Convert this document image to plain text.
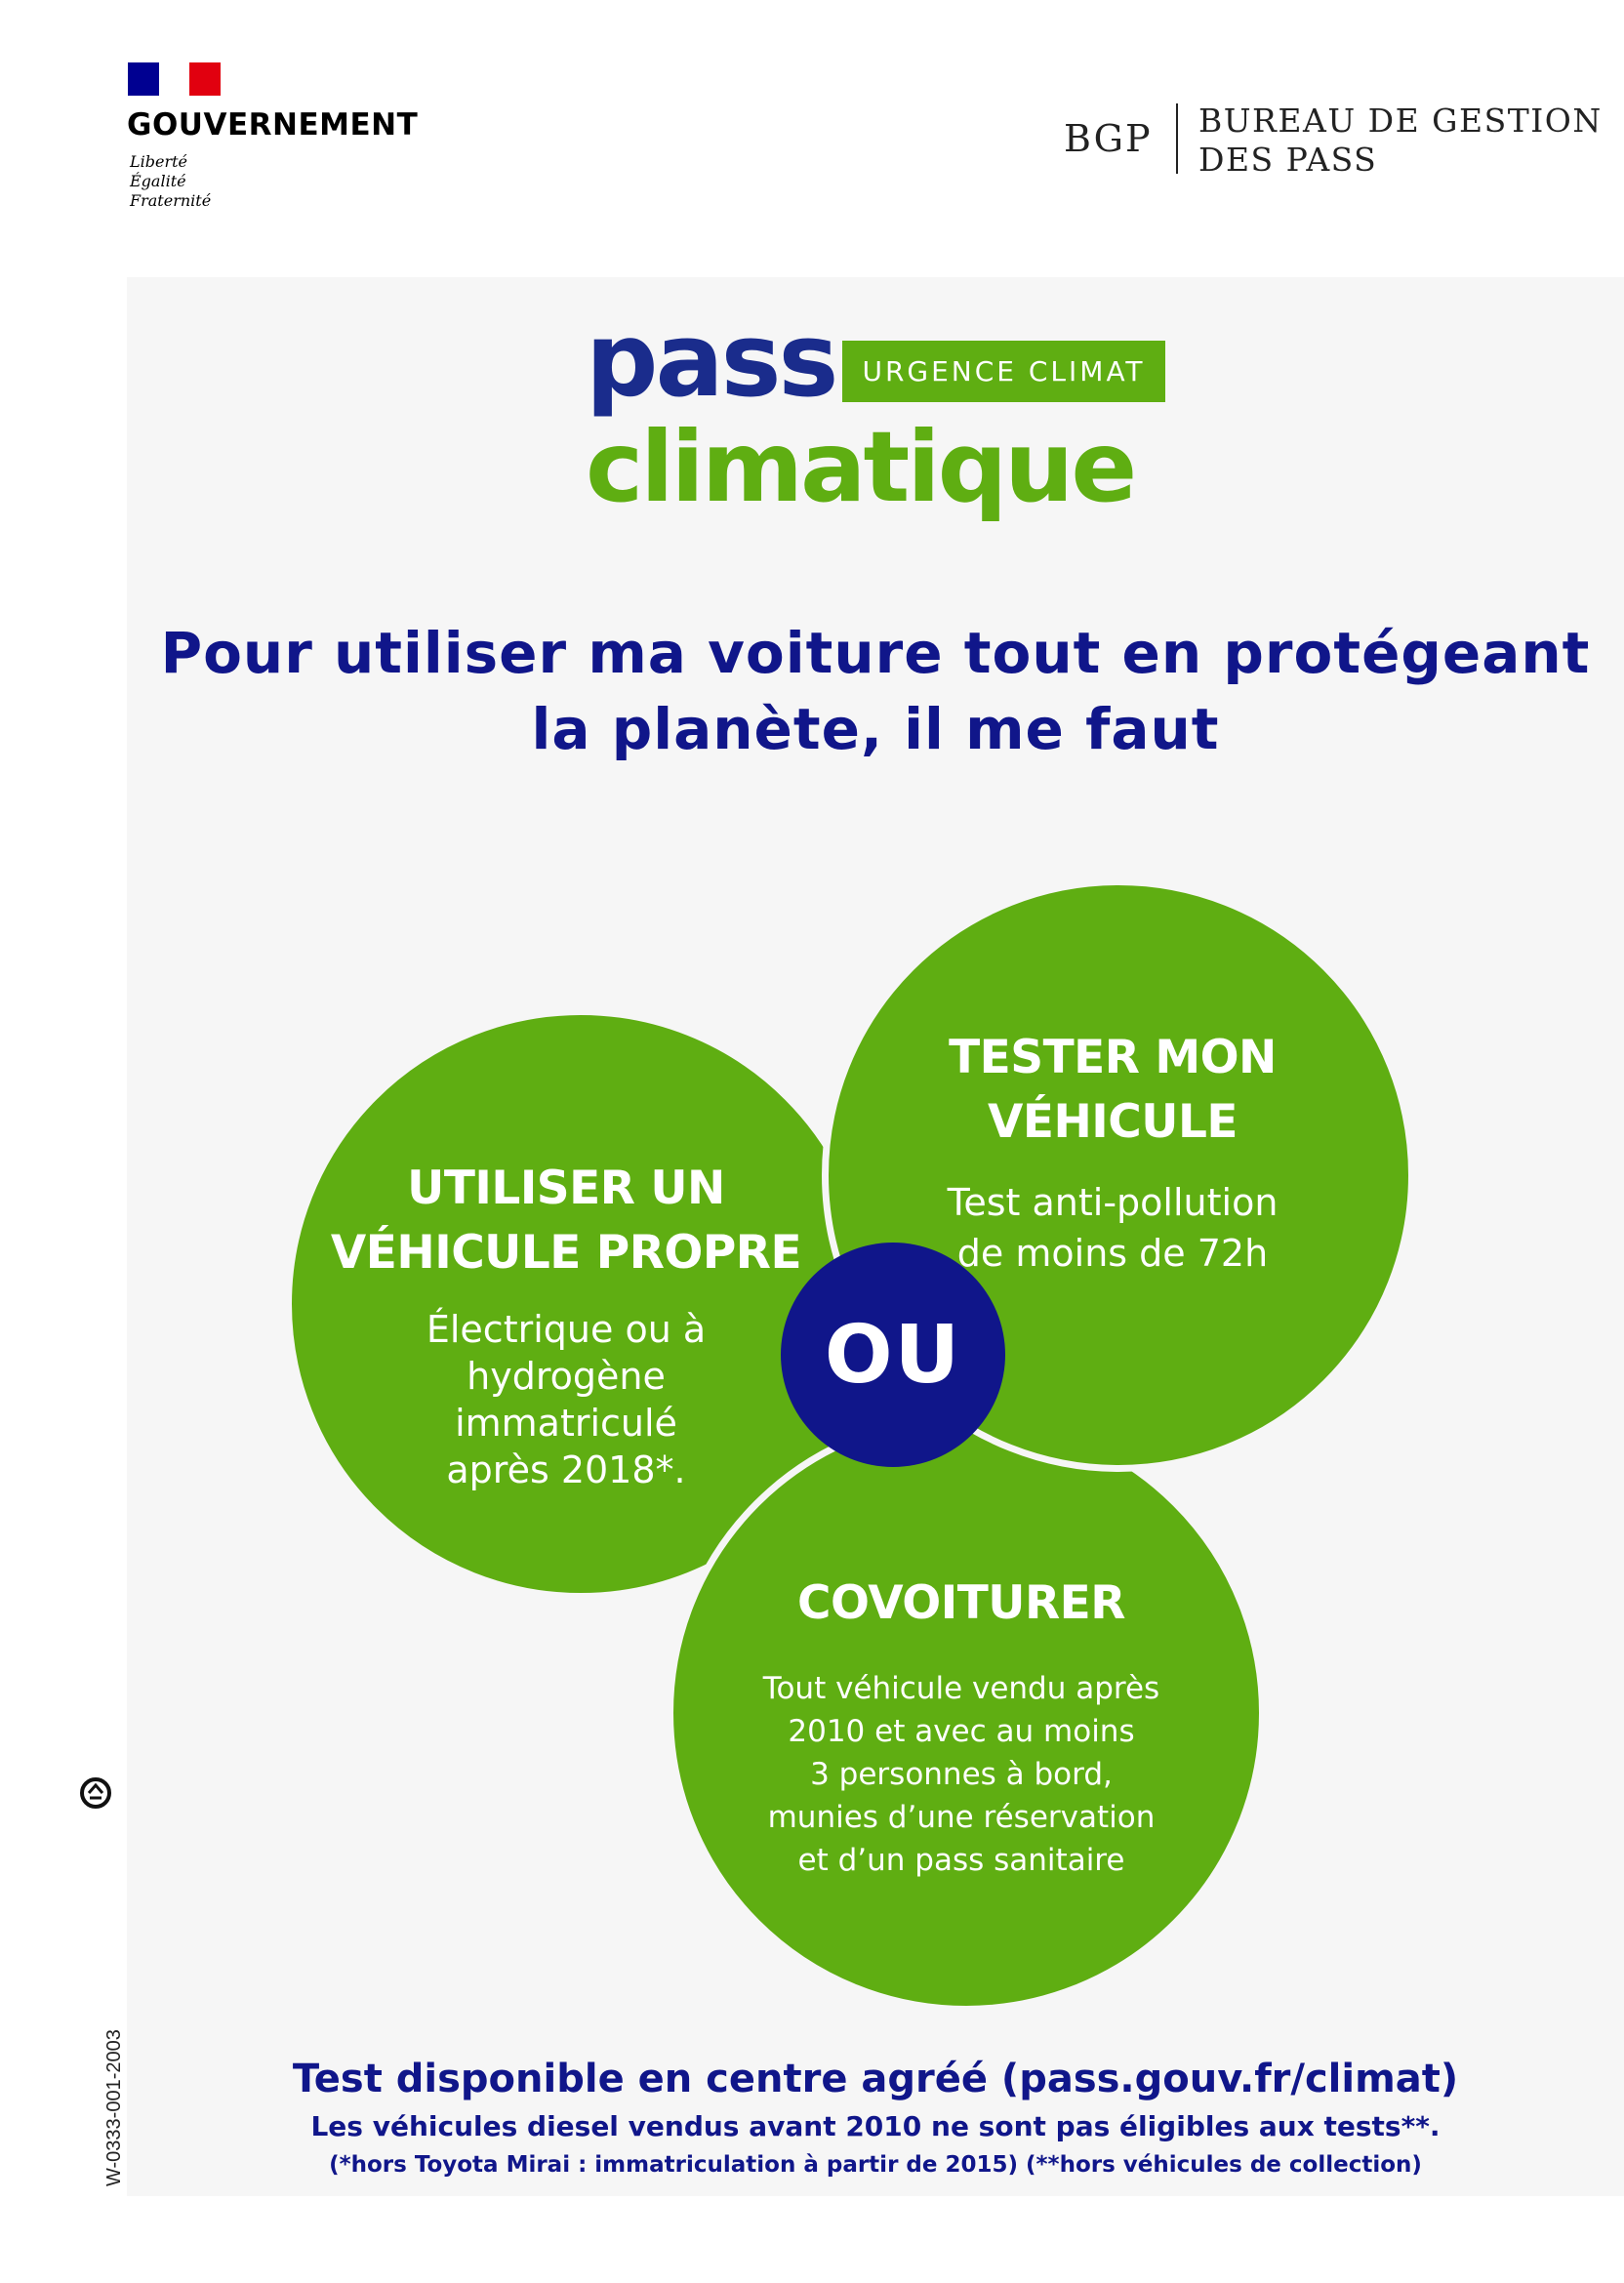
GOUVERNEMENT
Liberté
Égalité
Fraternité
BGP BUREAU DE GESTION
DES PASS
pass URGENCE CLIMAT
climatique
Pour utiliser ma voiture tout en protégeant
la planète, il me faut
UTILISER UN
VÉHICULE PROPRE
Électrique ou à
hydrogène
immatriculé
après 2018*.
TESTER MON
VÉHICULE
Test anti-pollution
de moins de 72h
COVOITURER
Tout véhicule vendu après
2010 et avec au moins
3 personnes à bord,
munies d’une réservation
et d’un pass sanitaire
OU
Test disponible en centre agréé (pass.gouv.fr/climat)
Les véhicules diesel vendus avant 2010 ne sont pas éligibles aux tests**.
(*hors Toyota Mirai : immatriculation à partir de 2015) (**hors véhicules de collection)
W-0333-001-2003
